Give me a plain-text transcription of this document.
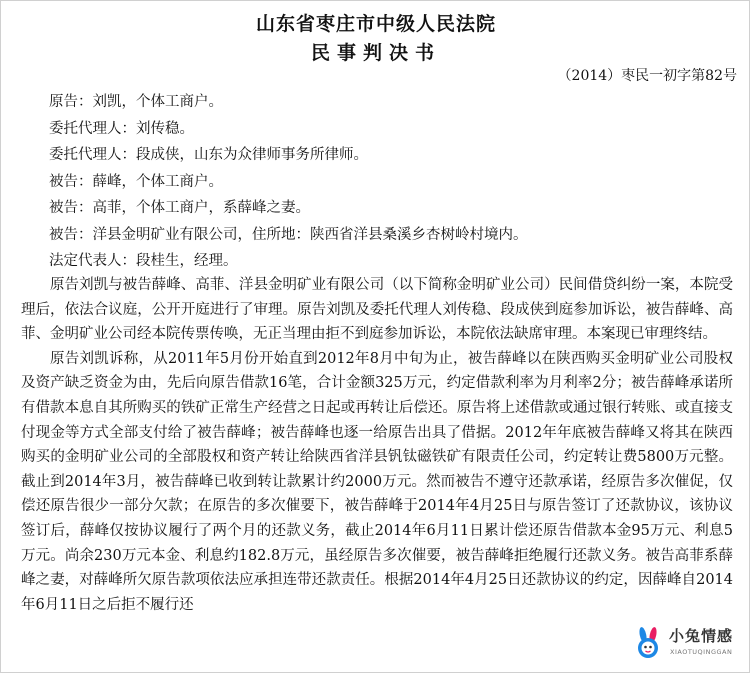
山东省枣庄市中级人民法院
民事判决书
（2014）枣民一初字第82号
原告：刘凯，个体工商户。
委托代理人：刘传稳。
委托代理人：段成侠，山东为众律师事务所律师。
被告：薛峰，个体工商户。
被告：高菲，个体工商户，系薛峰之妻。
被告：洋县金明矿业有限公司，住所地：陕西省洋县桑溪乡杏树岭村境内。
法定代表人：段桂生，经理。

原告刘凯与被告薛峰、高菲、洋县金明矿业有限公司（以下简称金明矿业公司）民间借贷纠纷一案，本院受理后，依法合议庭，公开开庭进行了审理。原告刘凯及委托代理人刘传稳、段成侠到庭参加诉讼，被告薛峰、高菲、金明矿业公司经本院传票传唤，无正当理由拒不到庭参加诉讼，本院依法缺席审理。本案现已审理终结。

原告刘凯诉称，从2011年5月份开始直到2012年8月中旬为止，被告薛峰以在陕西购买金明矿业公司股权及资产缺乏资金为由，先后向原告借款16笔，合计金额325万元，约定借款利率为月利率2分；被告薛峰承诺所有借款本息自其所购买的铁矿正常生产经营之日起或再转让后偿还。原告将上述借款或通过银行转账、或直接支付现金等方式全部支付给了被告薛峰；被告薛峰也逐一给原告出具了借据。2012年年底被告薛峰又将其在陕西购买的金明矿业公司的全部股权和资产转让给陕西省洋县钒钛磁铁矿有限责任公司，约定转让费5800万元整。截止到2014年3月，被告薛峰已收到转让款累计约2000万元。然而被告不遵守还款承诺，经原告多次催促，仅偿还原告很少一部分欠款；在原告的多次催要下，被告薛峰于2014年4月25日与原告签订了还款协议，该协议签订后，薛峰仅按协议履行了两个月的还款义务，截止2014年6月11日累计偿还原告借款本金95万元、利息5万元。尚余230万元本金、利息约182.8万元，虽经原告多次催要，被告薛峰拒绝履行还款义务。被告高菲系薛峰之妻，对薛峰所欠原告款项依法应承担连带还款责任。根据2014年4月25日还款协议的约定，因薛峰自2014年6月11日之后拒不履行还

小兔情感
XIAOTUQINGGAN
